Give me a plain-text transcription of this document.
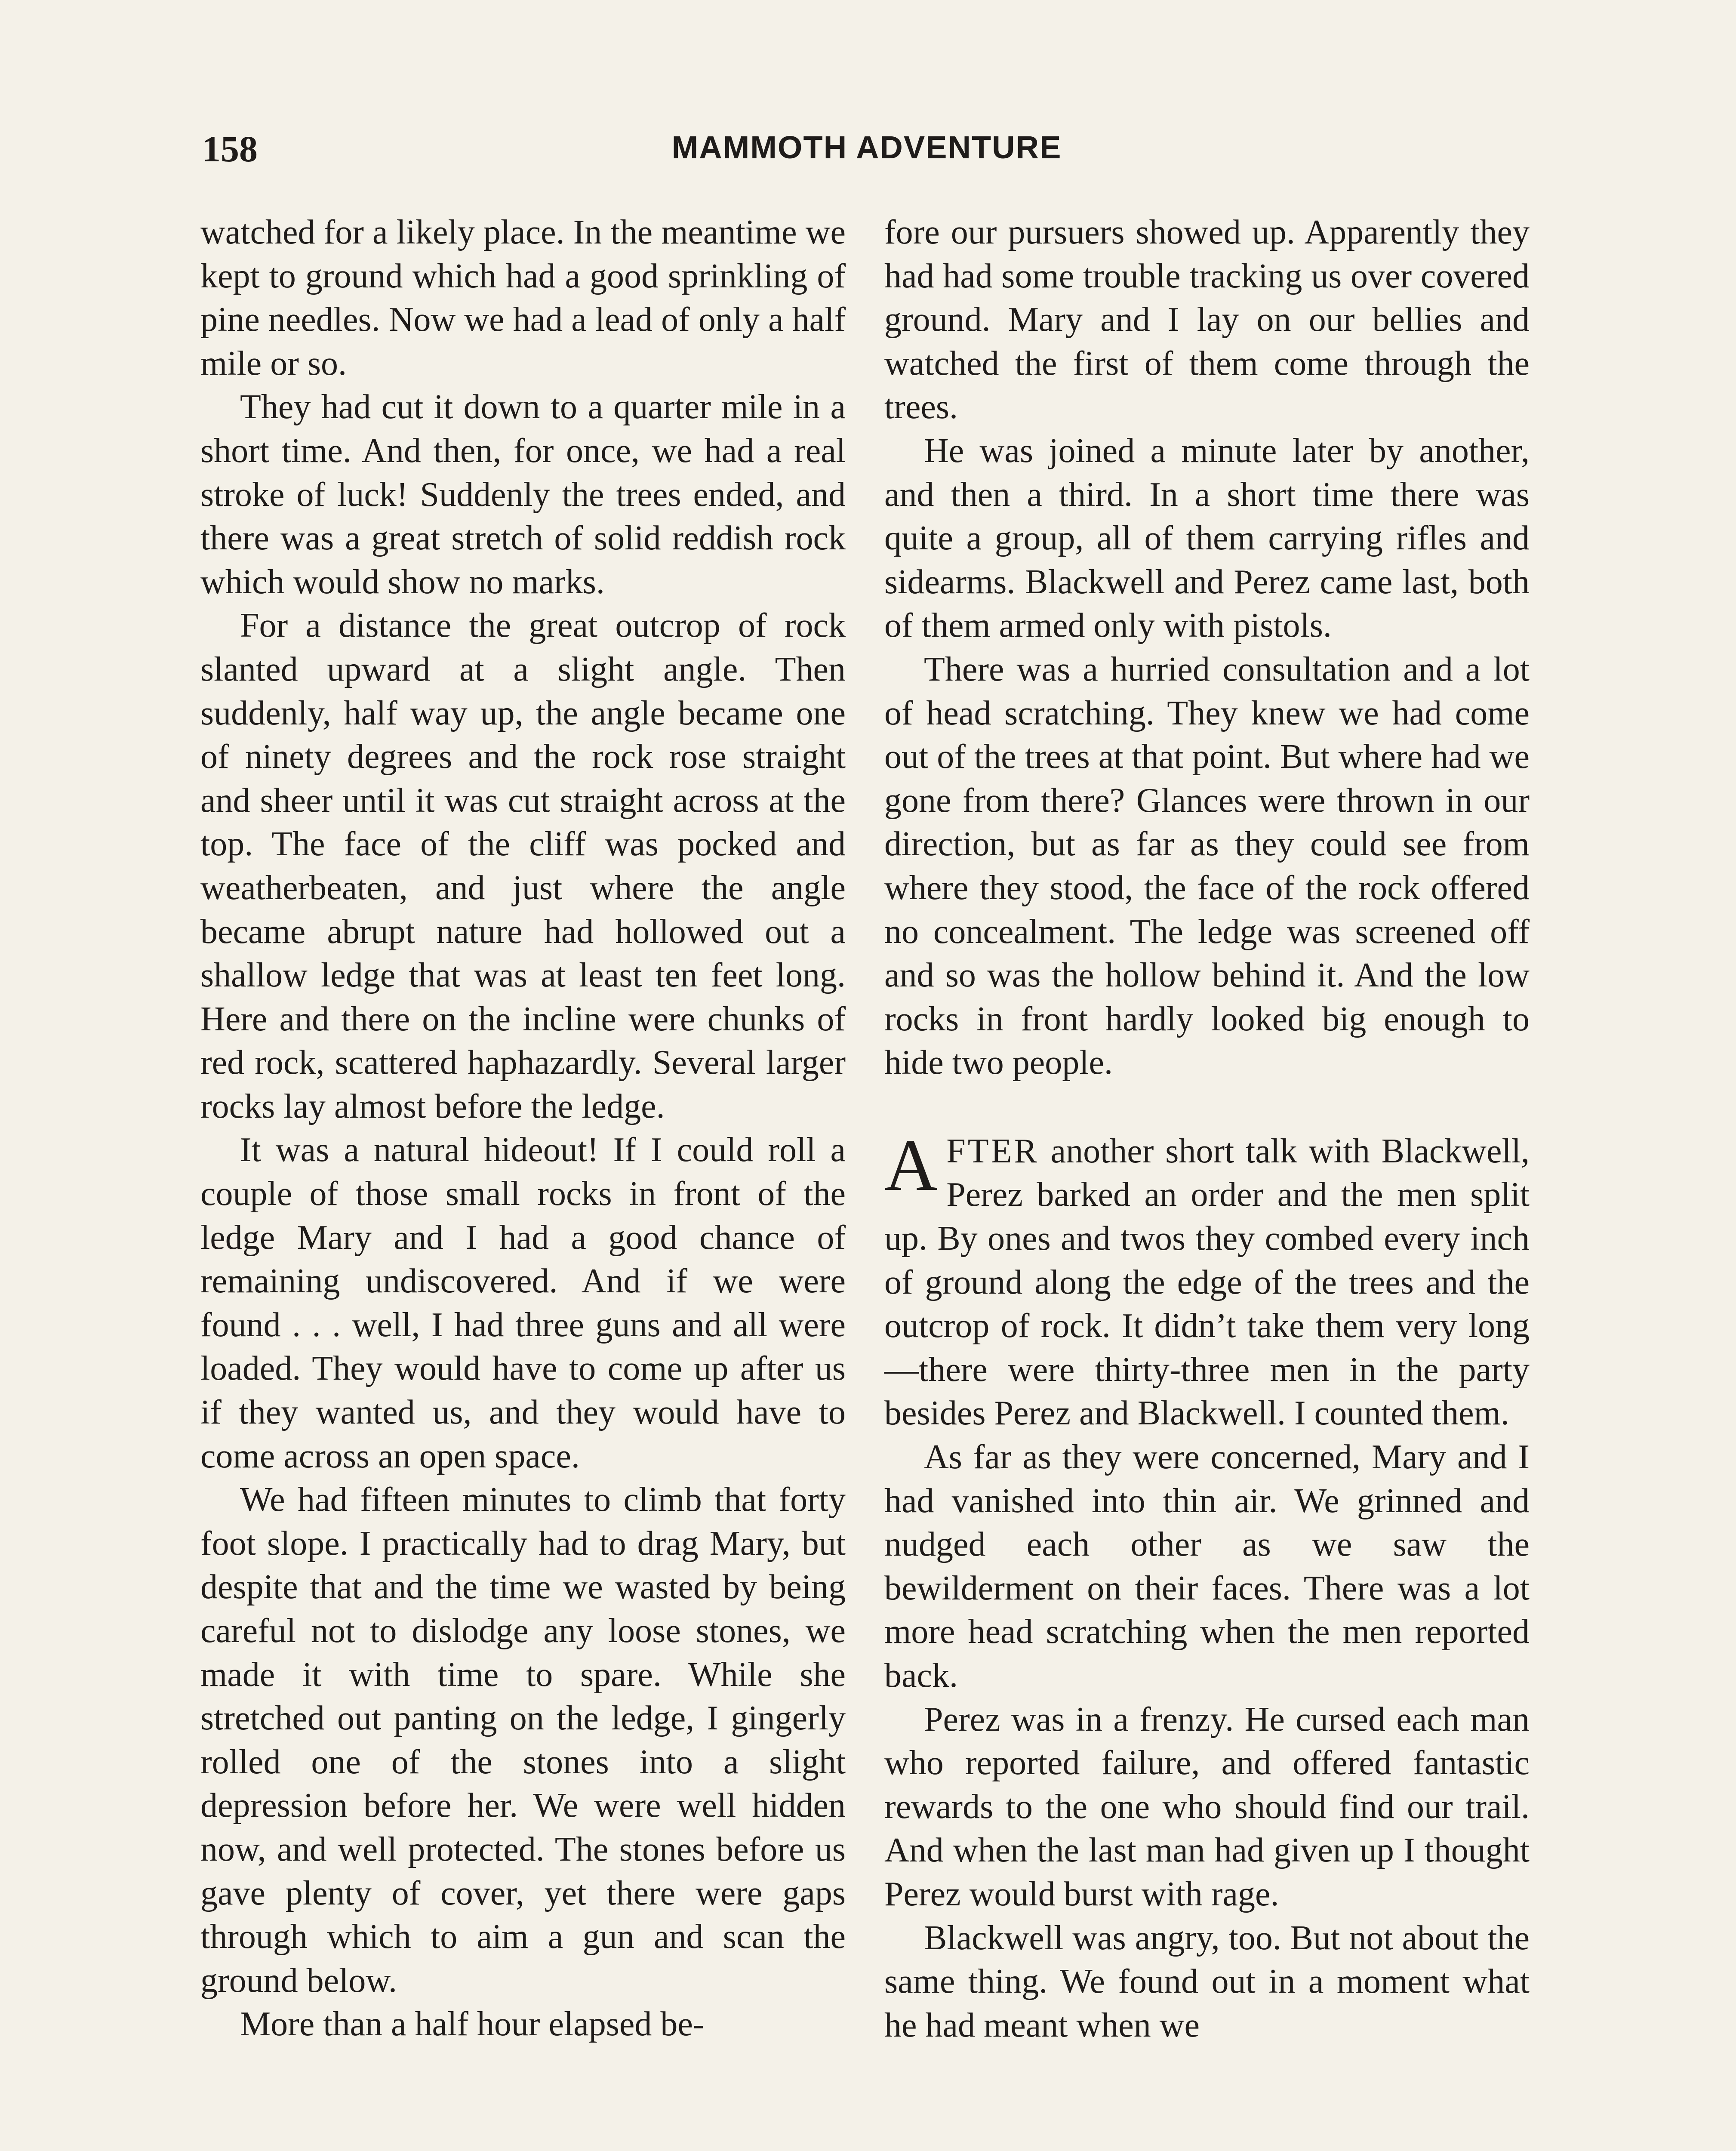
158	MAMMOTH ADVENTURE

watched for a likely place. In the meantime we kept to ground which had a good sprinkling of pine needles. Now we had a lead of only a half mile or so.

They had cut it down to a quarter mile in a short time. And then, for once, we had a real stroke of luck! Suddenly the trees ended, and there was a great stretch of solid reddish rock which would show no marks.

For a distance the great outcrop of rock slanted upward at a slight angle. Then suddenly, half way up, the angle became one of ninety degrees and the rock rose straight and sheer until it was cut straight across at the top. The face of the cliff was pocked and weatherbeaten, and just where the angle became abrupt nature had hollowed out a shallow ledge that was at least ten feet long. Here and there on the incline were chunks of red rock, scattered haphazardly. Several larger rocks lay almost before the ledge.

It was a natural hideout! If I could roll a couple of those small rocks in front of the ledge Mary and I had a good chance of remaining undiscovered. And if we were found . . . well, I had three guns and all were loaded. They would have to come up after us if they wanted us, and they would have to come across an open space.

We had fifteen minutes to climb that forty foot slope. I practically had to drag Mary, but despite that and the time we wasted by being careful not to dislodge any loose stones, we made it with time to spare. While she stretched out panting on the ledge, I gingerly rolled one of the stones into a slight depression before her. We were well hidden now, and well protected. The stones before us gave plenty of cover, yet there were gaps through which to aim a gun and scan the ground below.

More than a half hour elapsed be-

fore our pursuers showed up. Apparently they had had some trouble tracking us over covered ground. Mary and I lay on our bellies and watched the first of them come through the trees.

He was joined a minute later by another, and then a third. In a short time there was quite a group, all of them carrying rifles and sidearms. Blackwell and Perez came last, both of them armed only with pistols.

There was a hurried consultation and a lot of head scratching. They knew we had come out of the trees at that point. But where had we gone from there? Glances were thrown in our direction, but as far as they could see from where they stood, the face of the rock offered no concealment. The ledge was screened off and so was the hollow behind it. And the low rocks in front hardly looked big enough to hide two people.

AFTER another short talk with Blackwell, Perez barked an order and the men split up. By ones and twos they combed every inch of ground along the edge of the trees and the outcrop of rock. It didn’t take them very long—there were thirty-three men in the party besides Perez and Blackwell. I counted them.

As far as they were concerned, Mary and I had vanished into thin air. We grinned and nudged each other as we saw the bewilderment on their faces. There was a lot more head scratching when the men reported back.

Perez was in a frenzy. He cursed each man who reported failure, and offered fantastic rewards to the one who should find our trail. And when the last man had given up I thought Perez would burst with rage.

Blackwell was angry, too. But not about the same thing. We found out in a moment what he had meant when we
